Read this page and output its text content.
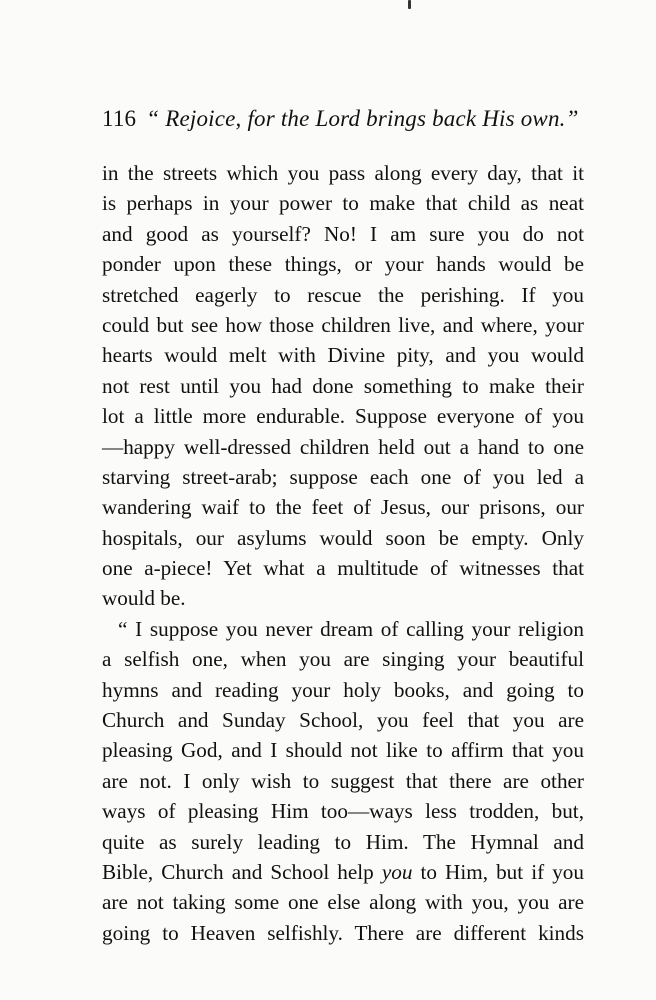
116 “ Rejoice, for the Lord brings back His own.”
in the streets which you pass along every day, that it
is perhaps in your power to make that child as neat
and good as yourself? No! I am sure you do not
ponder upon these things, or your hands would be
stretched eagerly to rescue the perishing. If you
could but see how those children live, and where, your
hearts would melt with Divine pity, and you would
not rest until you had done something to make their
lot a little more endurable. Suppose everyone of you
—happy well-dressed children held out a hand to one
starving street-arab; suppose each one of you led a
wandering waif to the feet of Jesus, our prisons, our
hospitals, our asylums would soon be empty. Only
one a-piece! Yet what a multitude of witnesses that
would be.
“ I suppose you never dream of calling your religion
a selfish one, when you are singing your beautiful
hymns and reading your holy books, and going to
Church and Sunday School, you feel that you are
pleasing God, and I should not like to affirm that you
are not. I only wish to suggest that there are other
ways of pleasing Him too—ways less trodden, but,
quite as surely leading to Him. The Hymnal and
Bible, Church and School help you to Him, but if you
are not taking some one else along with you, you are
going to Heaven selfishly. There are different kinds
